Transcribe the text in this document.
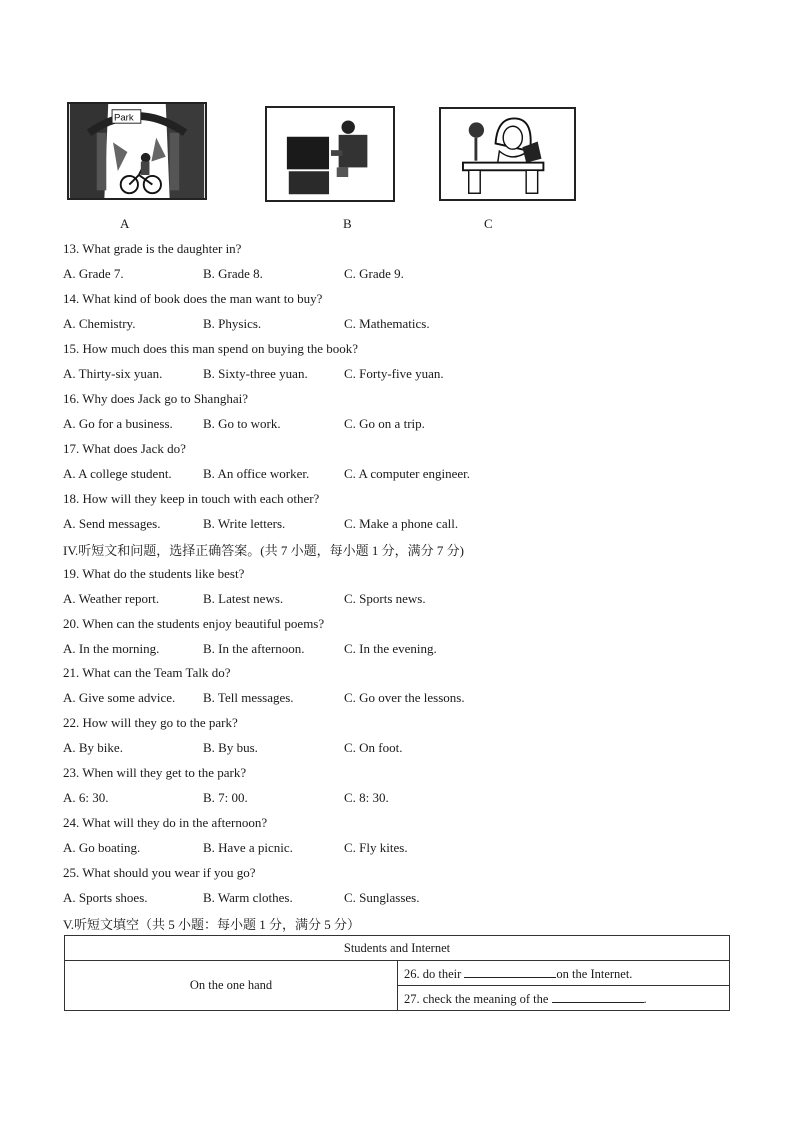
Park
A	B	C
13. What grade is the daughter in?
A. Grade 7.	B. Grade 8.	C. Grade 9.
14. What kind of book does the man want to buy?
A. Chemistry.	B. Physics.	C. Mathematics.
15. How much does this man spend on buying the book?
A. Thirty-six yuan.	B. Sixty-three yuan.	C. Forty-five yuan.
16. Why does Jack go to Shanghai?
A. Go for a business. B. Go to work.	C. Go on a trip.
17. What does Jack do?
A. A college student. B. An office worker.	C. A computer engineer.
18. How will they keep in touch with each other?
A. Send messages.	B. Write letters.	C. Make a phone call.
IV.听短文和问题，选择正确答案。(共 7 小题，每小题 1 分，满分 7 分)
19. What do the students like best?
A. Weather report.	B. Latest news.	C. Sports news.
20. When can the students enjoy beautiful poems?
A. In the morning.	B. In the afternoon.	C. In the evening.
21. What can the Team Talk do?
A. Give some advice. B. Tell messages.	C. Go over the lessons.
22. How will they go to the park?
A. By bike.	B. By bus.	C. On foot.
23. When will they get to the park?
A. 6: 30.	B. 7: 00.	C. 8: 30.
24. What will they do in the afternoon?
A. Go boating.	B. Have a picnic.	C. Fly kites.
25. What should you wear if you go?
A. Sports shoes.	B. Warm clothes.	C. Sunglasses.
V.听短文填空（共 5 小题：每小题 1 分，满分 5 分）
Students and Internet
On the one hand	26. do their	on the Internet.
27. check the meaning of the	.
